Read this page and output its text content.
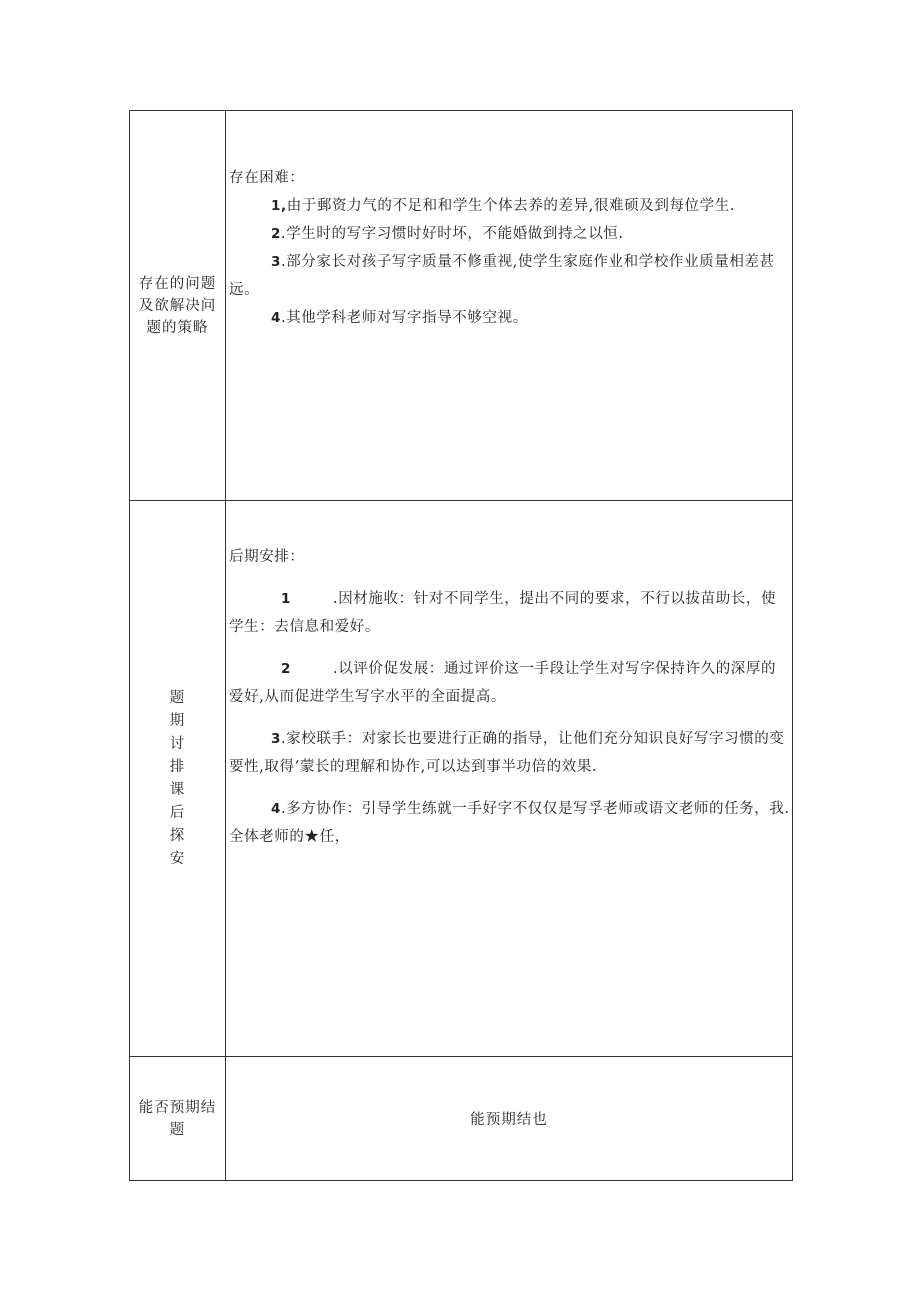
存在的问题及欲解决问题的策略	存在困难：

1,由于郵资力气的不足和和学生个体去养的差异,很难硕及到每位学生.

2.学生时的写字习惯时好时坏，不能婚做到持之以恒.

3.部分家长对孩子写字质量不修重视,使学生家庭作业和学校作业质量相差甚远。

4.其他学科老师对写字指导不够空视。

题期讨排课后探安	后期安排：

1 .因材施收：针对不同学生，提出不同的要求，不行以拔苗助长，使学生：去信息和爱好。

2 .以评价促发展：通过评价这一手段让学生对写字保持许久的深厚的爱好,从而促进学生写字水平的全面提高。

3.家校联手：对家长也要进行正确的指导，让他们充分知识良好写字习惯的变要性,取得‘蒙长的理解和协作,可以达到事半功倍的效果.

4.多方协作：引导学生练就一手好字不仅仅是写孚老师或语文老师的任务，我.全体老师的★任，

能否预期结题	能预期结也
